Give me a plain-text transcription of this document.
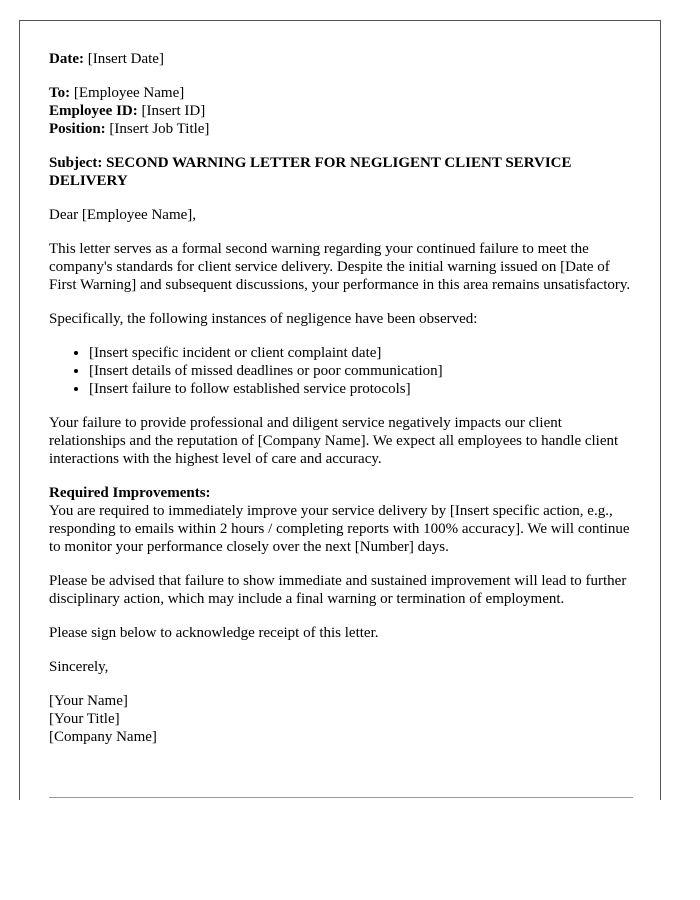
Date: [Insert Date]
To: [Employee Name]
Employee ID: [Insert ID]
Position: [Insert Job Title]
Subject: SECOND WARNING LETTER FOR NEGLIGENT CLIENT SERVICE DELIVERY

Dear [Employee Name],

This letter serves as a formal second warning regarding your continued failure to meet the company's standards for client service delivery. Despite the initial warning issued on [Date of First Warning] and subsequent discussions, your performance in this area remains unsatisfactory.

Specifically, the following instances of negligence have been observed:

• [Insert specific incident or client complaint date]
• [Insert details of missed deadlines or poor communication]
• [Insert failure to follow established service protocols]

Your failure to provide professional and diligent service negatively impacts our client relationships and the reputation of [Company Name]. We expect all employees to handle client interactions with the highest level of care and accuracy.

Required Improvements:
You are required to immediately improve your service delivery by [Insert specific action, e.g., responding to emails within 2 hours / completing reports with 100% accuracy]. We will continue to monitor your performance closely over the next [Number] days.

Please be advised that failure to show immediate and sustained improvement will lead to further disciplinary action, which may include a final warning or termination of employment.

Please sign below to acknowledge receipt of this letter.

Sincerely,

[Your Name]
[Your Title]
[Company Name]
